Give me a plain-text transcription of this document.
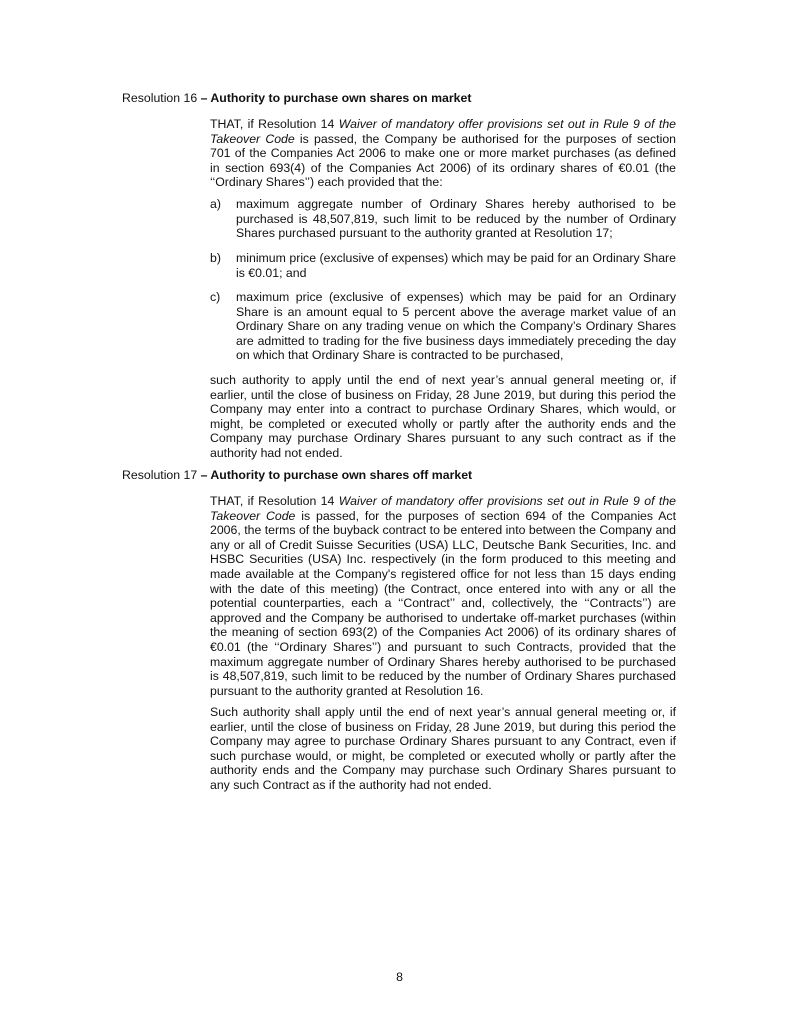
Resolution 16 – Authority to purchase own shares on market

THAT, if Resolution 14 Waiver of mandatory offer provisions set out in Rule 9 of the Takeover Code is passed, the Company be authorised for the purposes of section 701 of the Companies Act 2006 to make one or more market purchases (as defined in section 693(4) of the Companies Act 2006) of its ordinary shares of €0.01 (the ‘‘Ordinary Shares’’) each provided that the:

a) maximum aggregate number of Ordinary Shares hereby authorised to be purchased is 48,507,819, such limit to be reduced by the number of Ordinary Shares purchased pursuant to the authority granted at Resolution 17;
b) minimum price (exclusive of expenses) which may be paid for an Ordinary Share is €0.01; and
c) maximum price (exclusive of expenses) which may be paid for an Ordinary Share is an amount equal to 5 percent above the average market value of an Ordinary Share on any trading venue on which the Company’s Ordinary Shares are admitted to trading for the five business days immediately preceding the day on which that Ordinary Share is contracted to be purchased,

such authority to apply until the end of next year’s annual general meeting or, if earlier, until the close of business on Friday, 28 June 2019, but during this period the Company may enter into a contract to purchase Ordinary Shares, which would, or might, be completed or executed wholly or partly after the authority ends and the Company may purchase Ordinary Shares pursuant to any such contract as if the authority had not ended.

Resolution 17 – Authority to purchase own shares off market

THAT, if Resolution 14 Waiver of mandatory offer provisions set out in Rule 9 of the Takeover Code is passed, for the purposes of section 694 of the Companies Act 2006, the terms of the buyback contract to be entered into between the Company and any or all of Credit Suisse Securities (USA) LLC, Deutsche Bank Securities, Inc. and HSBC Securities (USA) Inc. respectively (in the form produced to this meeting and made available at the Company's registered office for not less than 15 days ending with the date of this meeting) (the Contract, once entered into with any or all the potential counterparties, each a ‘‘Contract’’ and, collectively, the ‘‘Contracts’’) are approved and the Company be authorised to undertake off-market purchases (within the meaning of section 693(2) of the Companies Act 2006) of its ordinary shares of €0.01 (the ‘‘Ordinary Shares’’) and pursuant to such Contracts, provided that the maximum aggregate number of Ordinary Shares hereby authorised to be purchased is 48,507,819, such limit to be reduced by the number of Ordinary Shares purchased pursuant to the authority granted at Resolution 16.

Such authority shall apply until the end of next year’s annual general meeting or, if earlier, until the close of business on Friday, 28 June 2019, but during this period the Company may agree to purchase Ordinary Shares pursuant to any Contract, even if such purchase would, or might, be completed or executed wholly or partly after the authority ends and the Company may purchase such Ordinary Shares pursuant to any such Contract as if the authority had not ended.

8
